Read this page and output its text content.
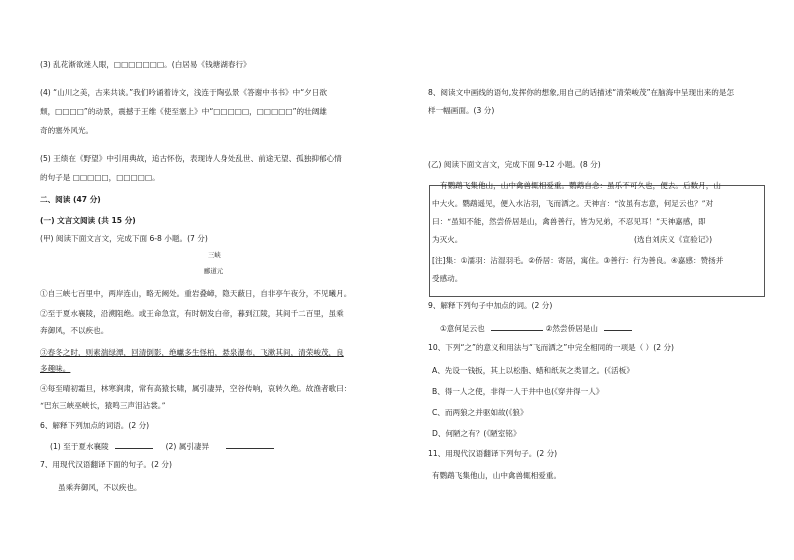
(3) 乱花渐欲迷人眼，□□□□□□□。(白居易《钱塘湖春行》
(4) “山川之美，古来共谈。”我们吟诵着诗文，浅连于陶弘景《答谢中书书》中“夕日欲
颓，□□□□”的动景，震撼于王维《使至塞上》中“□□□□□，□□□□□”的壮阔雄
奇的塞外风光。
(5) 王绩在《野望》中引用典故，追古怀伤，表现诗人身处乱世、前途无望、孤独抑郁心情
的句子是 □□□□□，□□□□□。
二、阅读 (47 分)
(一) 文言文阅读 (共 15 分)
(甲) 阅读下面文言文，完成下面 6-8 小题。(7 分)
三峡
郦道元
①自三峡七百里中，两岸连山，略无阙处。重岩叠嶂，隐天蔽日，自非亭午夜分，不见曦月。
②至于夏水襄陵，沿溯阻绝。或王命急宣，有时朝发白帝，暮到江陵，其间千二百里，虽乘
奔御风，不以疾也。
③春冬之时，则素湍绿潭，回清倒影，绝巘多生怪柏，悬泉瀑布，飞漱其间，清荣峻茂，良
多趣味。
④每至晴初霜旦，林寒涧肃，常有高猿长啸，属引凄异，空谷传响，哀转久绝。故渔者歌曰：
“巴东三峡巫峡长，猿鸣三声泪沾裳。”
6、解释下列加点的词语。(2 分)
(1) 至于夏水襄陵	(2) 属引凄异
7、用现代汉语翻译下面的句子。(2 分)
虽乘奔御风，不以疾也。
8、阅读文中画线的语句,发挥你的想象,用自己的话描述“清荣峻茂”在脑海中呈现出来的是怎
样一幅画面。(3 分)
(乙) 阅读下面文言文，完成下面 9-12 小题。(8 分)
有鹦鹉飞集他山，山中禽兽辄相爱重。鹦鹉自念：虽乐不可久也，便去。后数月，山
中大火。鹦鹉遥见，便入水沾羽，飞而洒之。天神言：“汝虽有志意，何足云也？”对
曰：“虽知不能，然尝侨居是山，禽兽善行，皆为兄弟，不忍见耳！”天神嘉感，即
为灭火。	(选自刘庆义《宣验记》)
[注]集：①濡羽：沾湿羽毛。②侨居：寄居，寓住。③善行：行为善良。④嘉感：赞扬并
受感动。
9、解释下列句子中加点的词。(2 分)
①意何足云也	②然尝侨居是山
10、下列“之”的意义和用法与“飞而洒之”中完全相同的一项是（ ）(2 分)
A、先设一钱扳，其上以松脂、蜡和纸灰之类冒之。(《活板》
B、得一人之使，非得一人于井中也(《穿井得一人》
C、而两狼之并驱如故(《狼》
D、何陋之有？(《陋室铭》
11、用现代汉语翻译下列句子。(2 分)
有鹦鹉飞集他山，山中禽兽辄相爱重。
